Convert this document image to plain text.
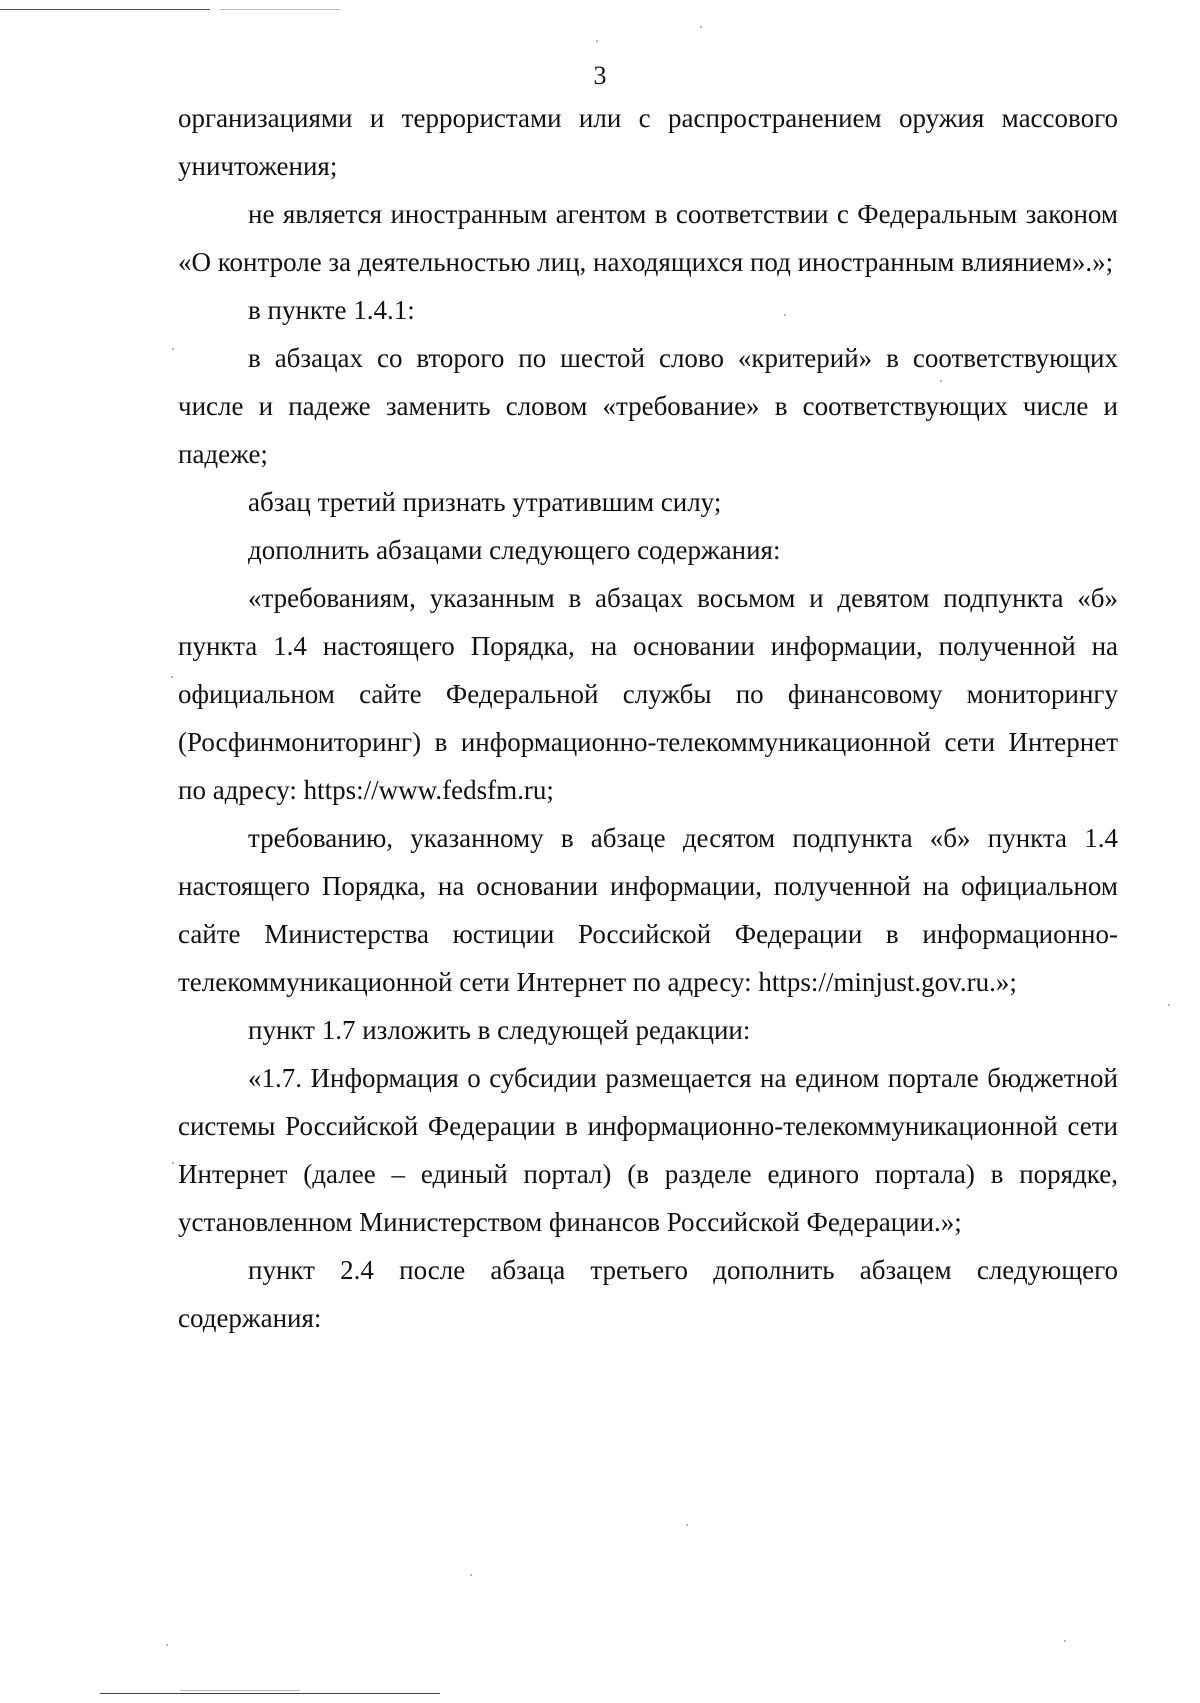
3

организациями и террористами или с распространением оружия массового уничтожения;

не является иностранным агентом в соответствии с Федеральным законом «О контроле за деятельностью лиц, находящихся под иностранным влиянием».»;

в пункте 1.4.1:

в абзацах со второго по шестой слово «критерий» в соответствующих числе и падеже заменить словом «требование» в соответствующих числе и падеже;

абзац третий признать утратившим силу;

дополнить абзацами следующего содержания:

«требованиям, указанным в абзацах восьмом и девятом подпункта «б» пункта 1.4 настоящего Порядка, на основании информации, полученной на официальном сайте Федеральной службы по финансовому мониторингу (Росфинмониторинг) в информационно-телекоммуникационной сети Интернет по адресу: https://www.fedsfm.ru;

требованию, указанному в абзаце десятом подпункта «б» пункта 1.4 настоящего Порядка, на основании информации, полученной на официальном сайте Министерства юстиции Российской Федерации в информационно-телекоммуникационной сети Интернет по адресу: https://minjust.gov.ru.»;

пункт 1.7 изложить в следующей редакции:

«1.7. Информация о субсидии размещается на едином портале бюджетной системы Российской Федерации в информационно-телекоммуникационной сети Интернет (далее – единый портал) (в разделе единого портала) в порядке, установленном Министерством финансов Российской Федерации.»;

пункт 2.4 после абзаца третьего дополнить абзацем следующего содержания:
